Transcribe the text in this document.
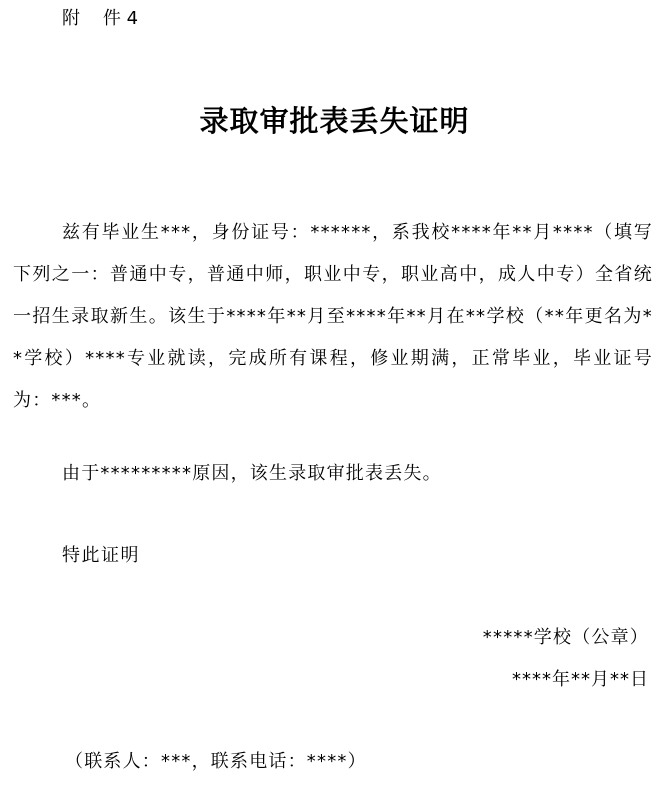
附    件 4
录取审批表丢失证明
兹有毕业生***，身份证号：******，系我校****年**月****（填写下列之一：普通中专，普通中师，职业中专，职业高中，成人中专）全省统一招生录取新生。该生于****年**月至****年**月在**学校（**年更名为**学校）****专业就读，完成所有课程，修业期满，正常毕业，毕业证号为：***。
由于*********原因，该生录取审批表丢失。
特此证明
*****学校（公章）
****年**月**日
（联系人：***，联系电话：****）
